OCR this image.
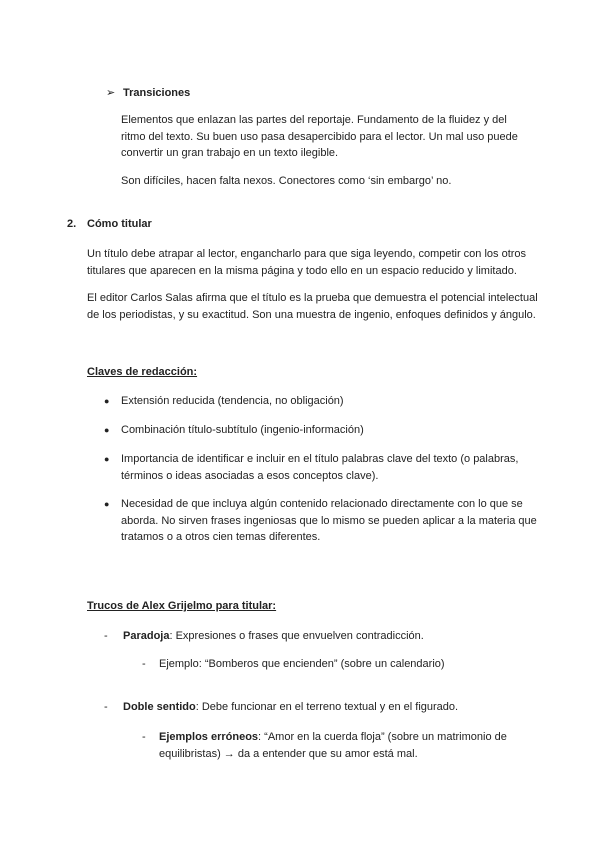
➢ Transiciones

Elementos que enlazan las partes del reportaje. Fundamento de la fluidez y del ritmo del texto. Su buen uso pasa desapercibido para el lector. Un mal uso puede convertir un gran trabajo en un texto ilegible.

Son difíciles, hacen falta nexos. Conectores como ‘sin embargo’ no.

2. Cómo titular

Un título debe atrapar al lector, engancharlo para que siga leyendo, competir con los otros titulares que aparecen en la misma página y todo ello en un espacio reducido y limitado.

El editor Carlos Salas afirma que el título es la prueba que demuestra el potencial intelectual de los periodistas, y su exactitud. Son una muestra de ingenio, enfoques definidos y ángulo.

Claves de redacción:

● Extensión reducida (tendencia, no obligación)
● Combinación título-subtítulo (ingenio-información)
● Importancia de identificar e incluir en el título palabras clave del texto (o palabras, términos o ideas asociadas a esos conceptos clave).
● Necesidad de que incluya algún contenido relacionado directamente con lo que se aborda. No sirven frases ingeniosas que lo mismo se pueden aplicar a la materia que tratamos o a otros cien temas diferentes.

Trucos de Alex Grijelmo para titular:

- Paradoja: Expresiones o frases que envuelven contradicción.

- Ejemplo: “Bomberos que encienden” (sobre un calendario)

- Doble sentido: Debe funcionar en el terreno textual y en el figurado.

- Ejemplos erróneos: “Amor en la cuerda floja” (sobre un matrimonio de equilibristas) → da a entender que su amor está mal.
